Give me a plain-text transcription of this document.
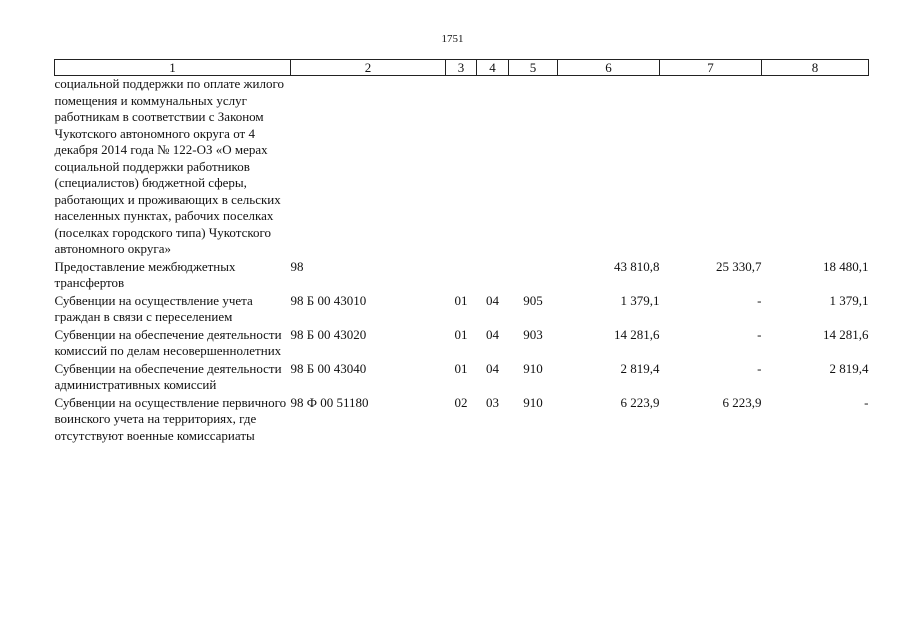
1751
1	2	3	4	5	6	7	8
социальной поддержки по оплате жилого помещения и коммунальных услуг работникам в соответствии с Законом Чукотского автономного округа от 4 декабря 2014 года № 122-ОЗ «О мерах социальной поддержки работников (специалистов) бюджетной сферы, работающих и проживающих в сельских населенных пунктах, рабочих поселках (поселках городского типа) Чукотского автономного округа»							
Предоставление межбюджетных трансфертов	98				43 810,8	25 330,7	18 480,1
Субвенции на осуществление учета граждан в связи с переселением	98 Б 00 43010	01	04	905	1 379,1	-	1 379,1
Субвенции на обеспечение деятельности комиссий по делам несовершеннолетних	98 Б 00 43020	01	04	903	14 281,6	-	14 281,6
Субвенции на обеспечение деятельности административных комиссий	98 Б 00 43040	01	04	910	2 819,4	-	2 819,4
Субвенции на осуществление первичного воинского учета на территориях, где отсутствуют военные комиссариаты	98 Ф 00 51180	02	03	910	6 223,9	6 223,9	-
